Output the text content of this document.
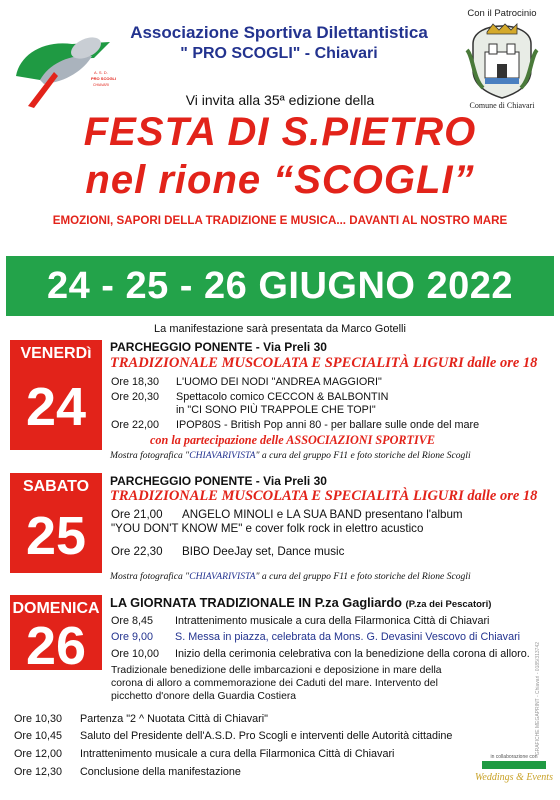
A. S. D.
PRO SCOGLI
CHIAVARI
Associazione Sportiva Dilettantistica
" PRO SCOGLI" - Chiavari
Con il Patrocinio
Comune di Chiavari
Vi invita alla 35ª edizione della
FESTA DI S.PIETRO
nel rione “SCOGLI”
EMOZIONI, SAPORI DELLA TRADIZIONE E MUSICA... DAVANTI AL NOSTRO MARE
24 - 25 - 26 GIUGNO 2022
La manifestazione sarà presentata da Marco Gotelli
VENERDì
24
PARCHEGGIO PONENTE - Via Preli 30
TRADIZIONALE MUSCOLATA E SPECIALITÀ LIGURI dalle ore 18
Ore 18,30 L'UOMO DEI NODI "ANDREA MAGGIORI"
Ore 20,30 Spettacolo comico CECCON & BALBONTIN
in "CI SONO PIÙ TRAPPOLE CHE TOPI"
Ore 22,00 IPOP80S - British Pop anni 80 - per ballare sulle onde del mare
con la partecipazione delle ASSOCIAZIONI SPORTIVE
Mostra fotografica "CHIAVARIVISTA" a cura del gruppo F11 e foto storiche del Rione Scogli
SABATO
25
PARCHEGGIO PONENTE - Via Preli 30
TRADIZIONALE MUSCOLATA E SPECIALITÀ LIGURI dalle ore 18
Ore 21,00 ANGELO MINOLI e LA SUA BAND presentano l'album
"YOU DON'T KNOW ME" e cover folk rock in elettro acustico
Ore 22,30 BIBO DeeJay set, Dance music
Mostra fotografica "CHIAVARIVISTA" a cura del gruppo F11 e foto storiche del Rione Scogli
DOMENICA
26
LA GIORNATA TRADIZIONALE IN P.za Gagliardo (P.za dei Pescatori)
Ore 8,45 Intrattenimento musicale a cura della Filarmonica Città di Chiavari
Ore 9,00 S. Messa in piazza, celebrata da Mons. G. Devasini Vescovo di Chiavari
Ore 10,00 Inizio della cerimonia celebrativa con la benedizione della corona di alloro.
Tradizionale benedizione delle imbarcazioni e deposizione in mare della corona di alloro a commemorazione dei Caduti del mare. Intervento del picchetto d'onore della Guardia Costiera
Ore 10,30 Partenza "2 ^ Nuotata Città di Chiavari"
Ore 10,45 Saluto del Presidente dell'A.S.D. Pro Scogli e interventi delle Autorità cittadine
Ore 12,00 Intrattenimento musicale a cura della Filarmonica Città di Chiavari
Ore 12,30 Conclusione della manifestazione
GRAFICHE MEGAPRINT - Chiavari - 0185/313742
in collaborazione con
Weddings & Events
